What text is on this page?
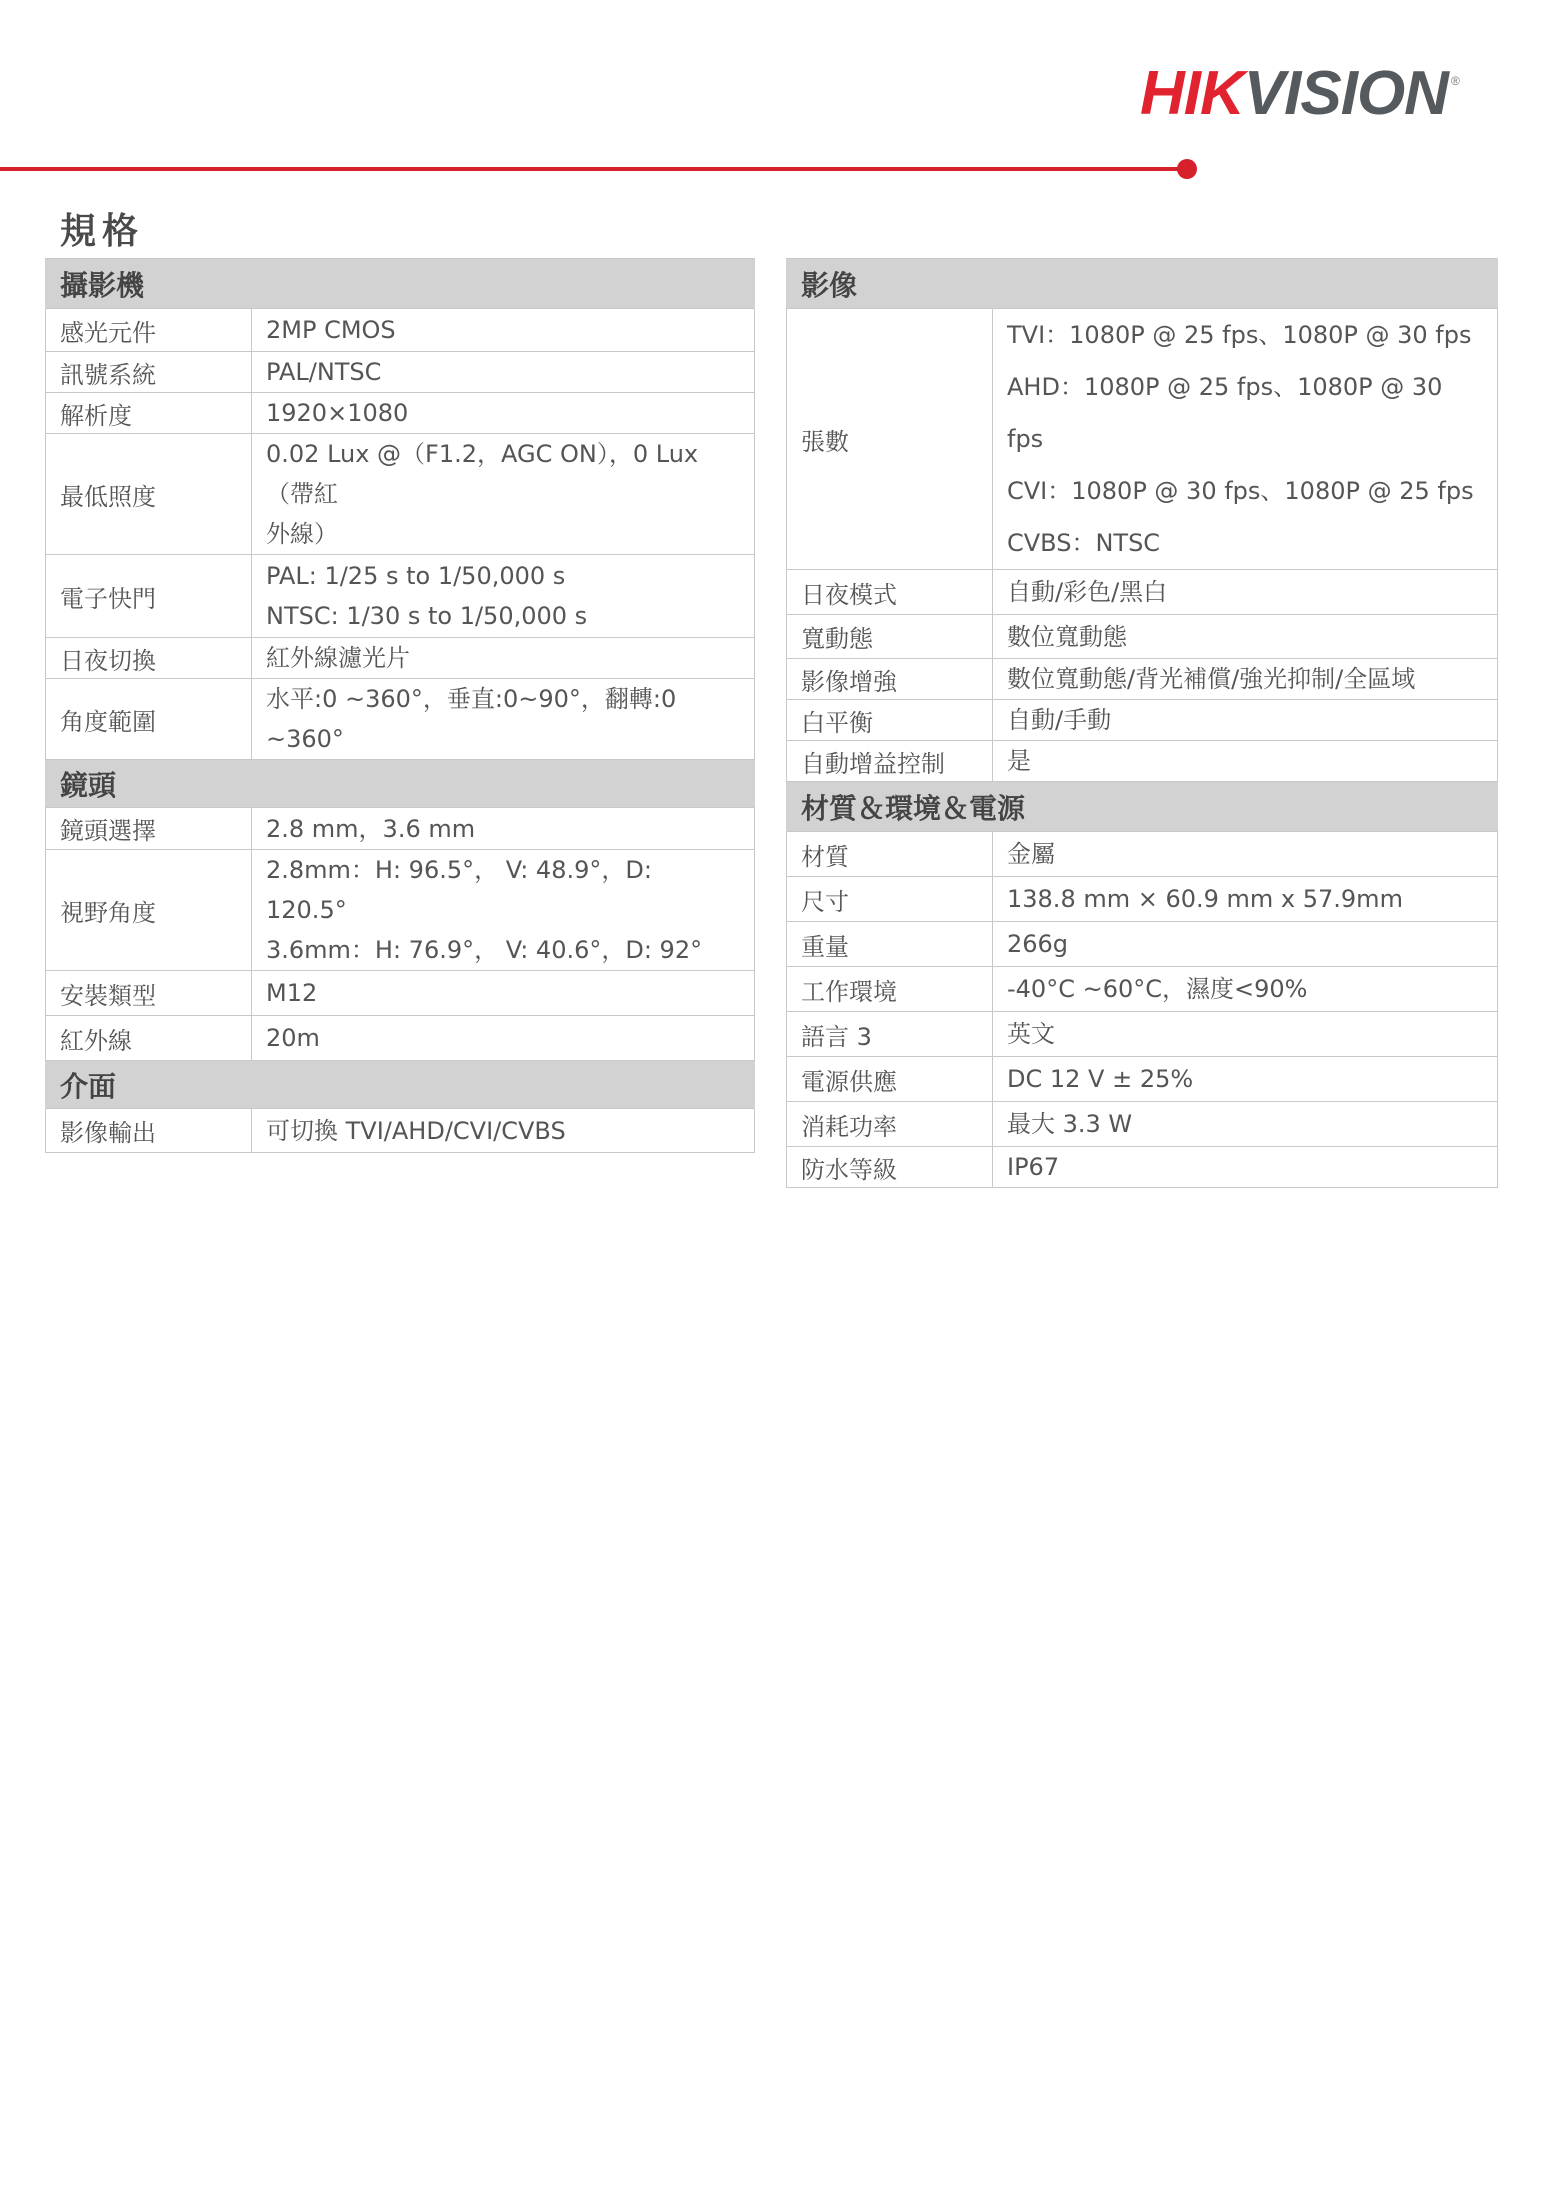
HIK VISION ®
規格
攝影機	
感光元件	2MP CMOS

訊號系統	PAL/NTSC

解析度	1920×1080

最低照度	0.02 Lux @（F1.2，AGC ON），0 Lux（帶紅
外線）

電子快門	PAL: 1/25 s to 1/50,000 s
NTSC: 1/30 s to 1/50,000 s

日夜切換	紅外線濾光片

角度範圍	水平:0 ~360°，垂直:0~90°，翻轉:0 ~360°

鏡頭	
鏡頭選擇	2.8 mm，3.6 mm

視野角度	2.8mm：H: 96.5°， V: 48.9°，D: 120.5°
3.6mm：H: 76.9°， V: 40.6°，D: 92°

安裝類型	M12

紅外線	20m

介面	
影像輸出	可切換 TVI/AHD/CVI/CVBS
影像	
張數	TVI：1080P @ 25 fps、1080P @ 30 fps
AHD：1080P @ 25 fps、1080P @ 30 fps
CVI：1080P @ 30 fps、1080P @ 25 fps
CVBS：NTSC

日夜模式	自動/彩色/黑白

寬動態	數位寬動態

影像增強	數位寬動態/背光補償/強光抑制/全區域

白平衡	自動/手動

自動增益控制	是

材質＆環境＆電源	
材質	金屬

尺寸	138.8 mm × 60.9 mm x 57.9mm

重量	266g

工作環境	-40°C ~60°C，濕度<90%

語言 3	英文

電源供應	DC 12 V ± 25%

消耗功率	最大 3.3 W

防水等級	IP67
